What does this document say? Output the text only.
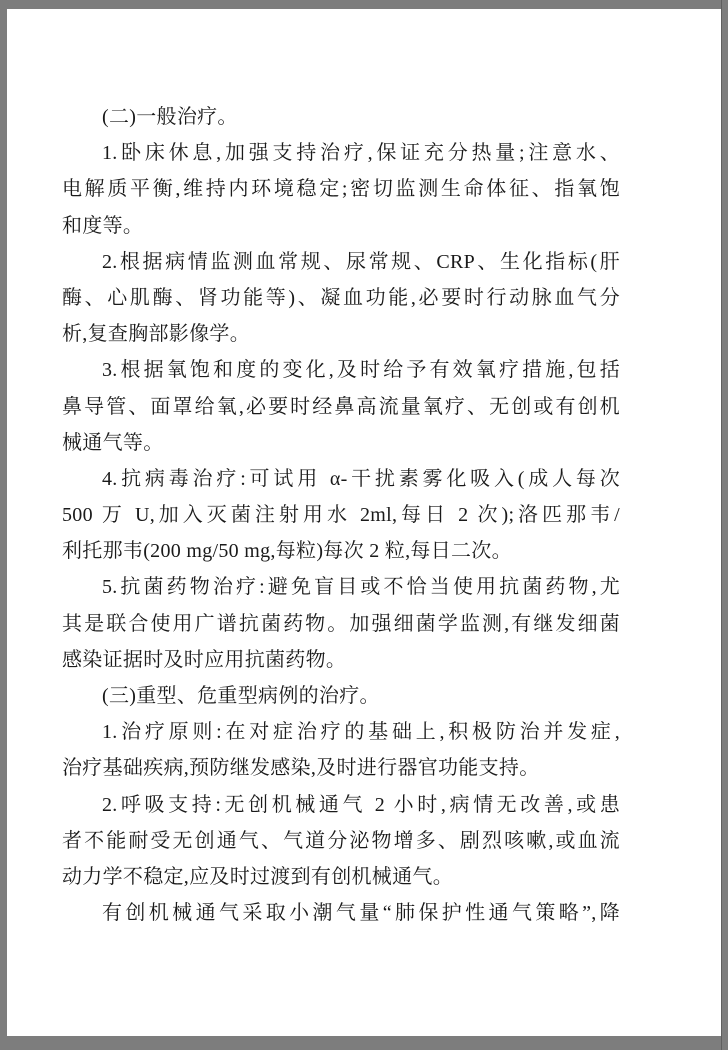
(二)一般治疗。
1.卧床休息,加强支持治疗,保证充分热量;注意水、
电解质平衡,维持内环境稳定;密切监测生命体征、指氧饱
和度等。
2.根据病情监测血常规、尿常规、CRP、生化指标(肝
酶、心肌酶、肾功能等)、凝血功能,必要时行动脉血气分
析,复查胸部影像学。
3.根据氧饱和度的变化,及时给予有效氧疗措施,包括
鼻导管、面罩给氧,必要时经鼻高流量氧疗、无创或有创机
械通气等。
4.抗病毒治疗:可试用 α-干扰素雾化吸入(成人每次
500 万 U,加入灭菌注射用水 2ml,每日 2 次);洛匹那韦/
利托那韦(200 mg/50 mg,每粒)每次 2 粒,每日二次。
5.抗菌药物治疗:避免盲目或不恰当使用抗菌药物,尤
其是联合使用广谱抗菌药物。加强细菌学监测,有继发细菌
感染证据时及时应用抗菌药物。
(三)重型、危重型病例的治疗。
1.治疗原则:在对症治疗的基础上,积极防治并发症,
治疗基础疾病,预防继发感染,及时进行器官功能支持。
2.呼吸支持:无创机械通气 2 小时,病情无改善,或患
者不能耐受无创通气、气道分泌物增多、剧烈咳嗽,或血流
动力学不稳定,应及时过渡到有创机械通气。
有创机械通气采取小潮气量“肺保护性通气策略”,降
